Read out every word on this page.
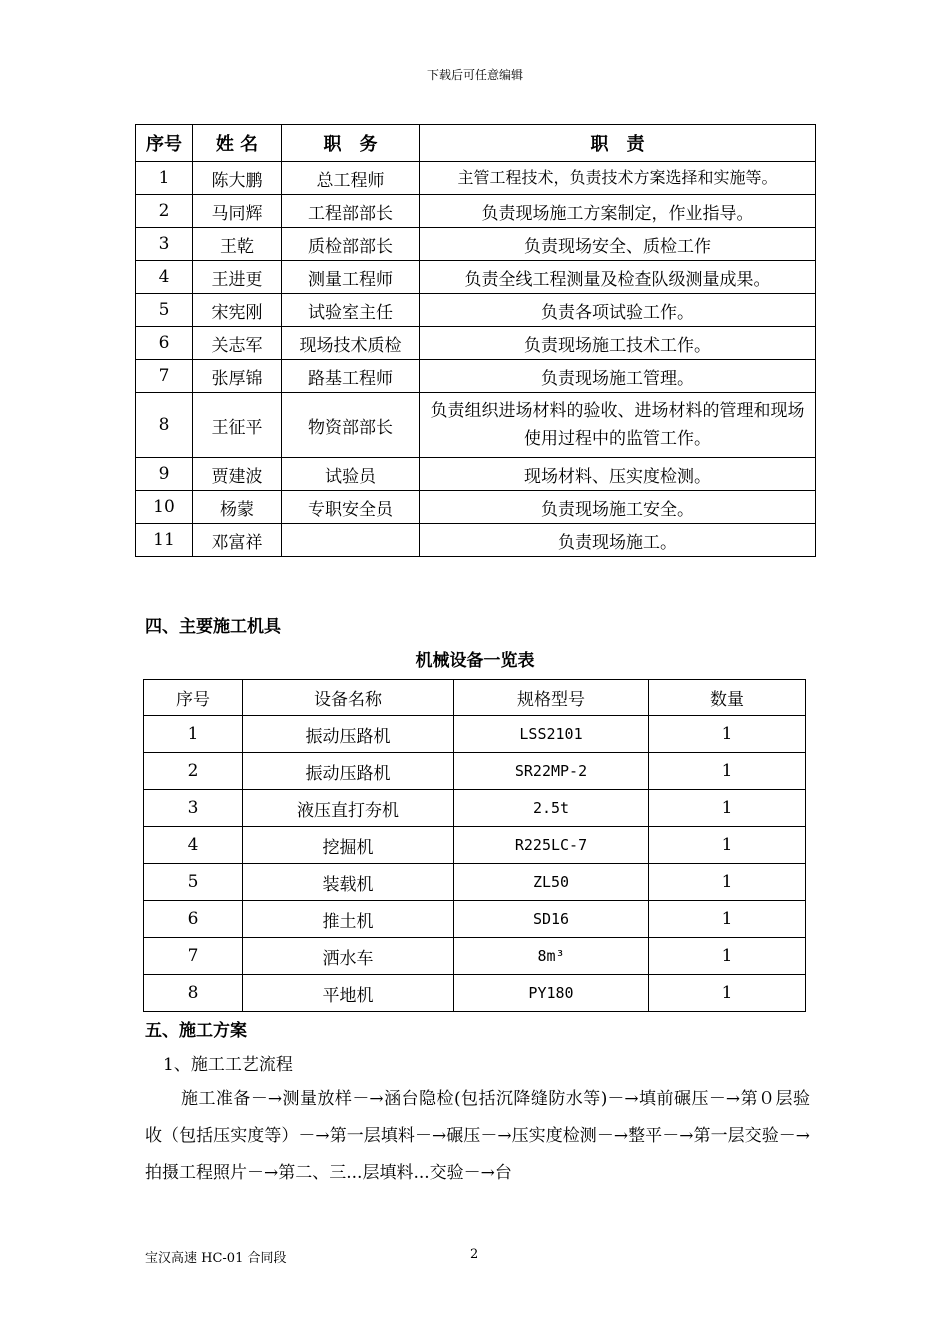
下载后可任意编辑
序号	姓 名	职　务	职　责
1	陈大鹏	总工程师	主管工程技术，负责技术方案选择和实施等。
2	马同辉	工程部部长	负责现场施工方案制定，作业指导。
3	王乾	质检部部长	负责现场安全、质检工作
4	王进更	测量工程师	负责全线工程测量及检查队级测量成果。
5	宋宪刚	试验室主任	负责各项试验工作。
6	关志军	现场技术质检	负责现场施工技术工作。
7	张厚锦	路基工程师	负责现场施工管理。
8	王征平	物资部部长	负责组织进场材料的验收、进场材料的管理和现场使用过程中的监管工作。
9	贾建波	试验员	现场材料、压实度检测。
10	杨蒙	专职安全员	负责现场施工安全。
11	邓富祥		负责现场施工。
四、主要施工机具
机械设备一览表
序号	设备名称	规格型号	数量
1	振动压路机	LSS2101	1
2	振动压路机	SR22MP-2	1
3	液压直打夯机	2.5t	1
4	挖掘机	R225LC-7	1
5	装载机	ZL50	1
6	推土机	SD16	1
7	洒水车	8m³	1
8	平地机	PY180	1
五、施工方案
1、施工工艺流程
施工准备－→测量放样－→涵台隐检(包括沉降缝防水等)－→填前碾压－→第０层验收（包括压实度等）－→第一层填料－→碾压－→压实度检测－→整平－→第一层交验－→拍摄工程照片－→第二、三...层填料...交验－→台
宝汉高速 HC-01 合同段	2
